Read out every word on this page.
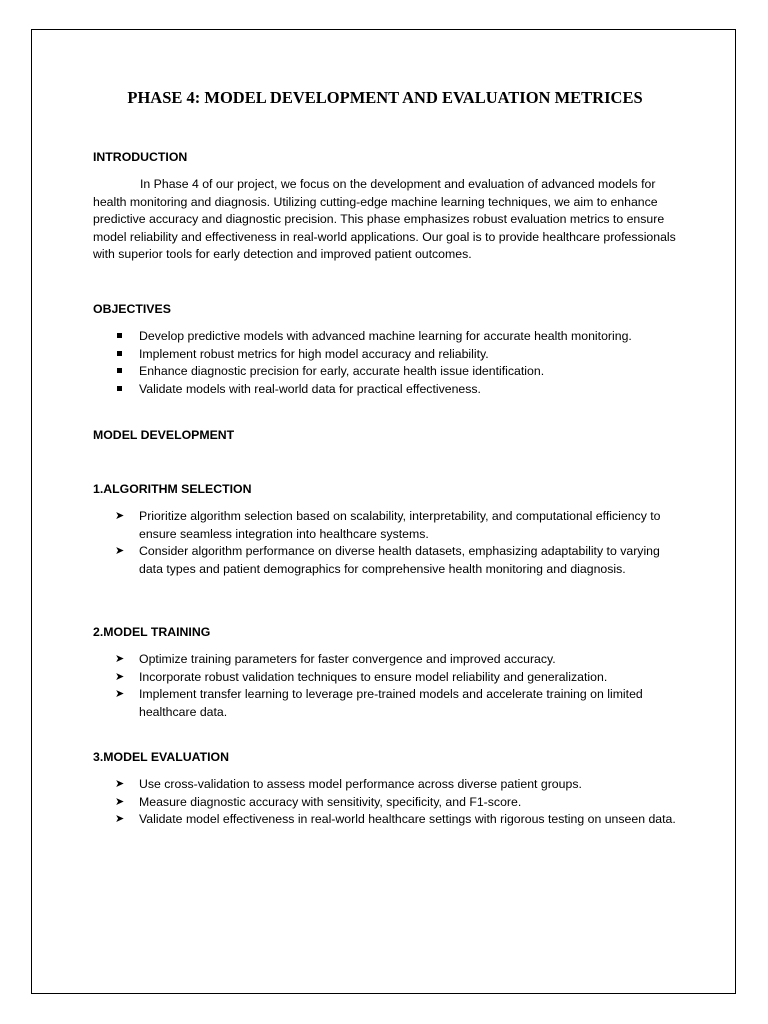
PHASE 4: MODEL DEVELOPMENT AND EVALUATION METRICES
INTRODUCTION

In Phase 4 of our project, we focus on the development and evaluation of advanced models for health monitoring and diagnosis. Utilizing cutting-edge machine learning techniques, we aim to enhance predictive accuracy and diagnostic precision. This phase emphasizes robust evaluation metrics to ensure model reliability and effectiveness in real-world applications. Our goal is to provide healthcare professionals with superior tools for early detection and improved patient outcomes.

OBJECTIVES
Develop predictive models with advanced machine learning for accurate health monitoring.
Implement robust metrics for high model accuracy and reliability.
Enhance diagnostic precision for early, accurate health issue identification.
Validate models with real-world data for practical effectiveness.
MODEL DEVELOPMENT
1.ALGORITHM SELECTION
➤	Prioritize algorithm selection based on scalability, interpretability, and computational efficiency to ensure seamless integration into healthcare systems.
➤	Consider algorithm performance on diverse health datasets, emphasizing adaptability to varying data types and patient demographics for comprehensive health monitoring and diagnosis.
2.MODEL TRAINING
➤	Optimize training parameters for faster convergence and improved accuracy.
➤	Incorporate robust validation techniques to ensure model reliability and generalization.
➤	Implement transfer learning to leverage pre-trained models and accelerate training on limited healthcare data.
3.MODEL EVALUATION
➤	Use cross-validation to assess model performance across diverse patient groups.
➤	Measure diagnostic accuracy with sensitivity, specificity, and F1-score.
➤	Validate model effectiveness in real-world healthcare settings with rigorous testing on unseen data.
